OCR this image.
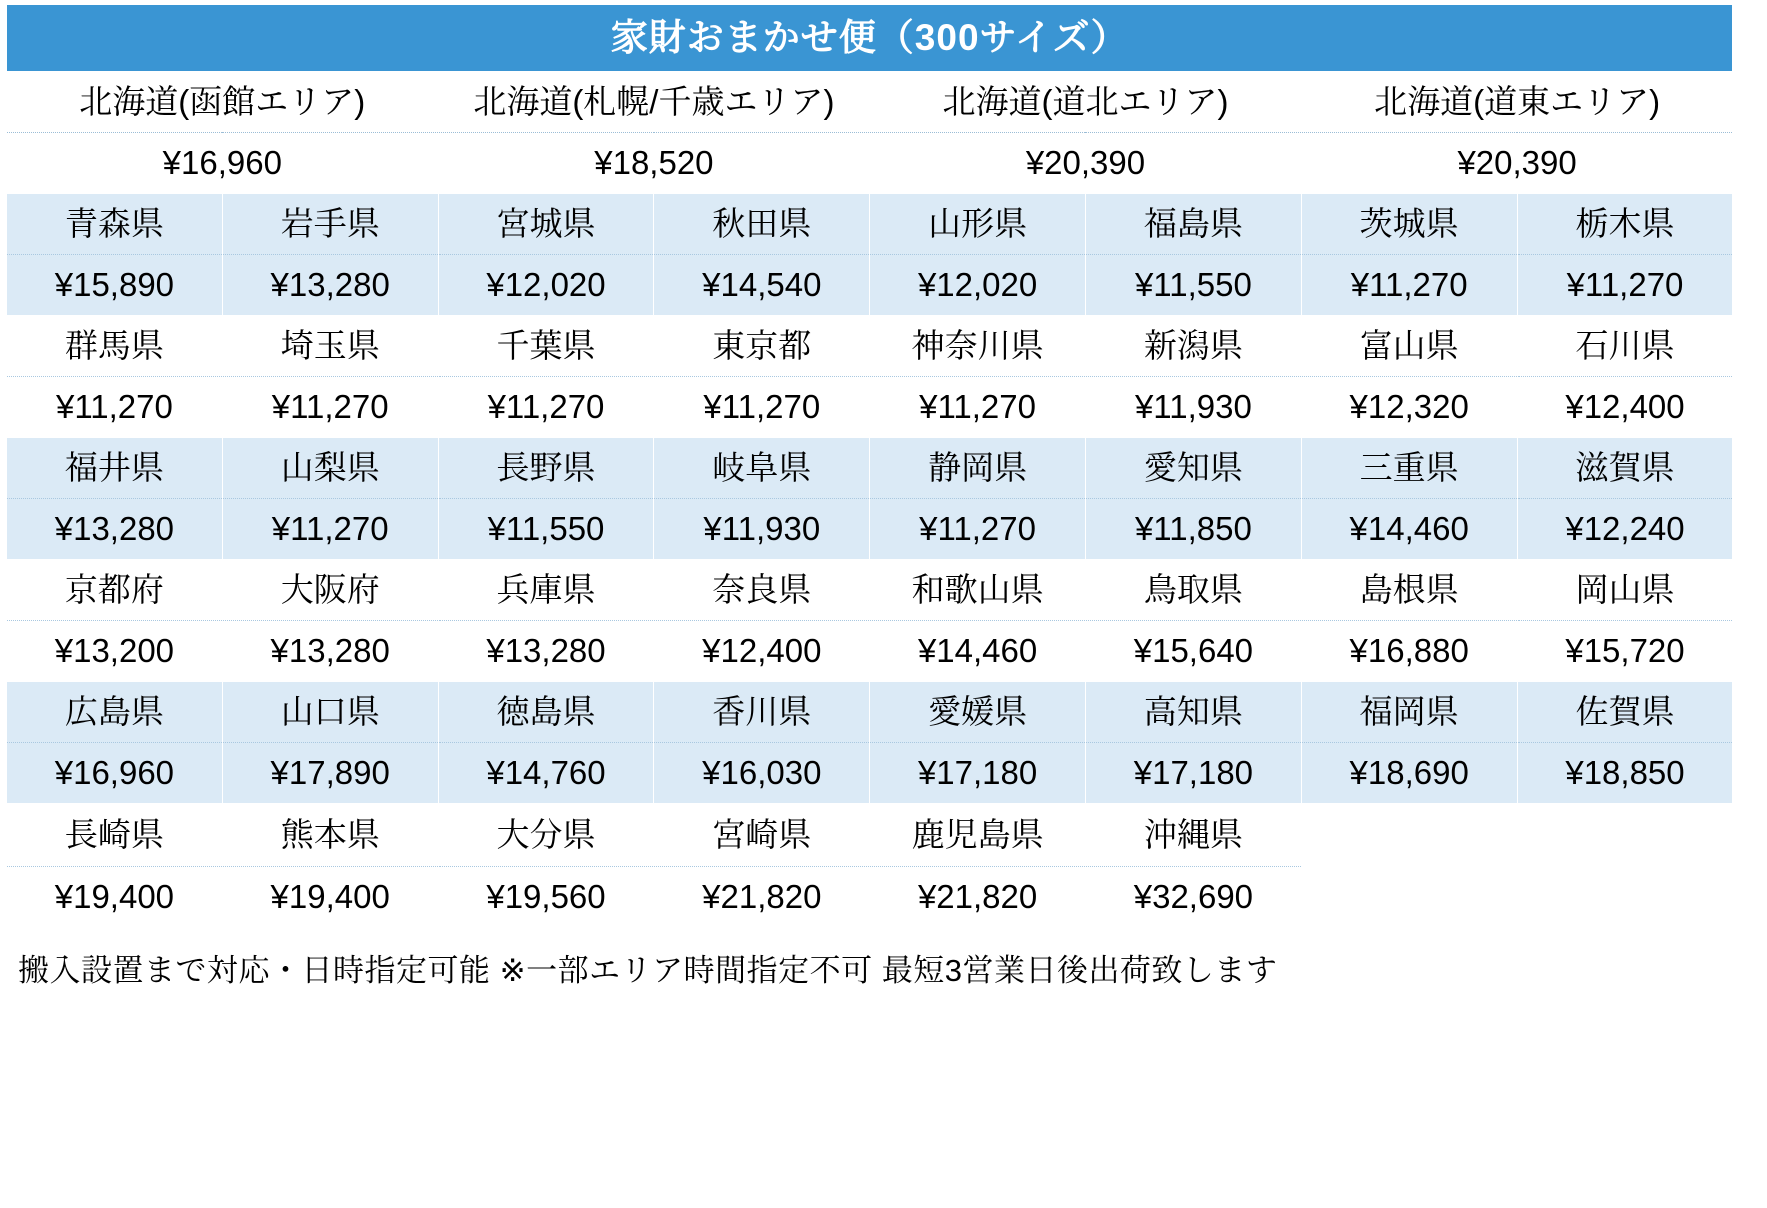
家財おまかせ便（300サイズ）							
北海道(函館エリア)		北海道(札幌/千歳エリア)		北海道(道北エリア)		北海道(道東エリア)	
¥16,960		¥18,520		¥20,390		¥20,390	
青森県	岩手県	宮城県	秋田県	山形県	福島県	茨城県	栃木県
¥15,890	¥13,280	¥12,020	¥14,540	¥12,020	¥11,550	¥11,270	¥11,270
群馬県	埼玉県	千葉県	東京都	神奈川県	新潟県	富山県	石川県
¥11,270	¥11,270	¥11,270	¥11,270	¥11,270	¥11,930	¥12,320	¥12,400
福井県	山梨県	長野県	岐阜県	静岡県	愛知県	三重県	滋賀県
¥13,280	¥11,270	¥11,550	¥11,930	¥11,270	¥11,850	¥14,460	¥12,240
京都府	大阪府	兵庫県	奈良県	和歌山県	鳥取県	島根県	岡山県
¥13,200	¥13,280	¥13,280	¥12,400	¥14,460	¥15,640	¥16,880	¥15,720
広島県	山口県	徳島県	香川県	愛媛県	高知県	福岡県	佐賀県
¥16,960	¥17,890	¥14,760	¥16,030	¥17,180	¥17,180	¥18,690	¥18,850
長崎県	熊本県	大分県	宮崎県	鹿児島県	沖縄県		
¥19,400	¥19,400	¥19,560	¥21,820	¥21,820	¥32,690		
搬入設置まで対応・日時指定可能 ※一部エリア時間指定不可 最短3営業日後出荷致します
